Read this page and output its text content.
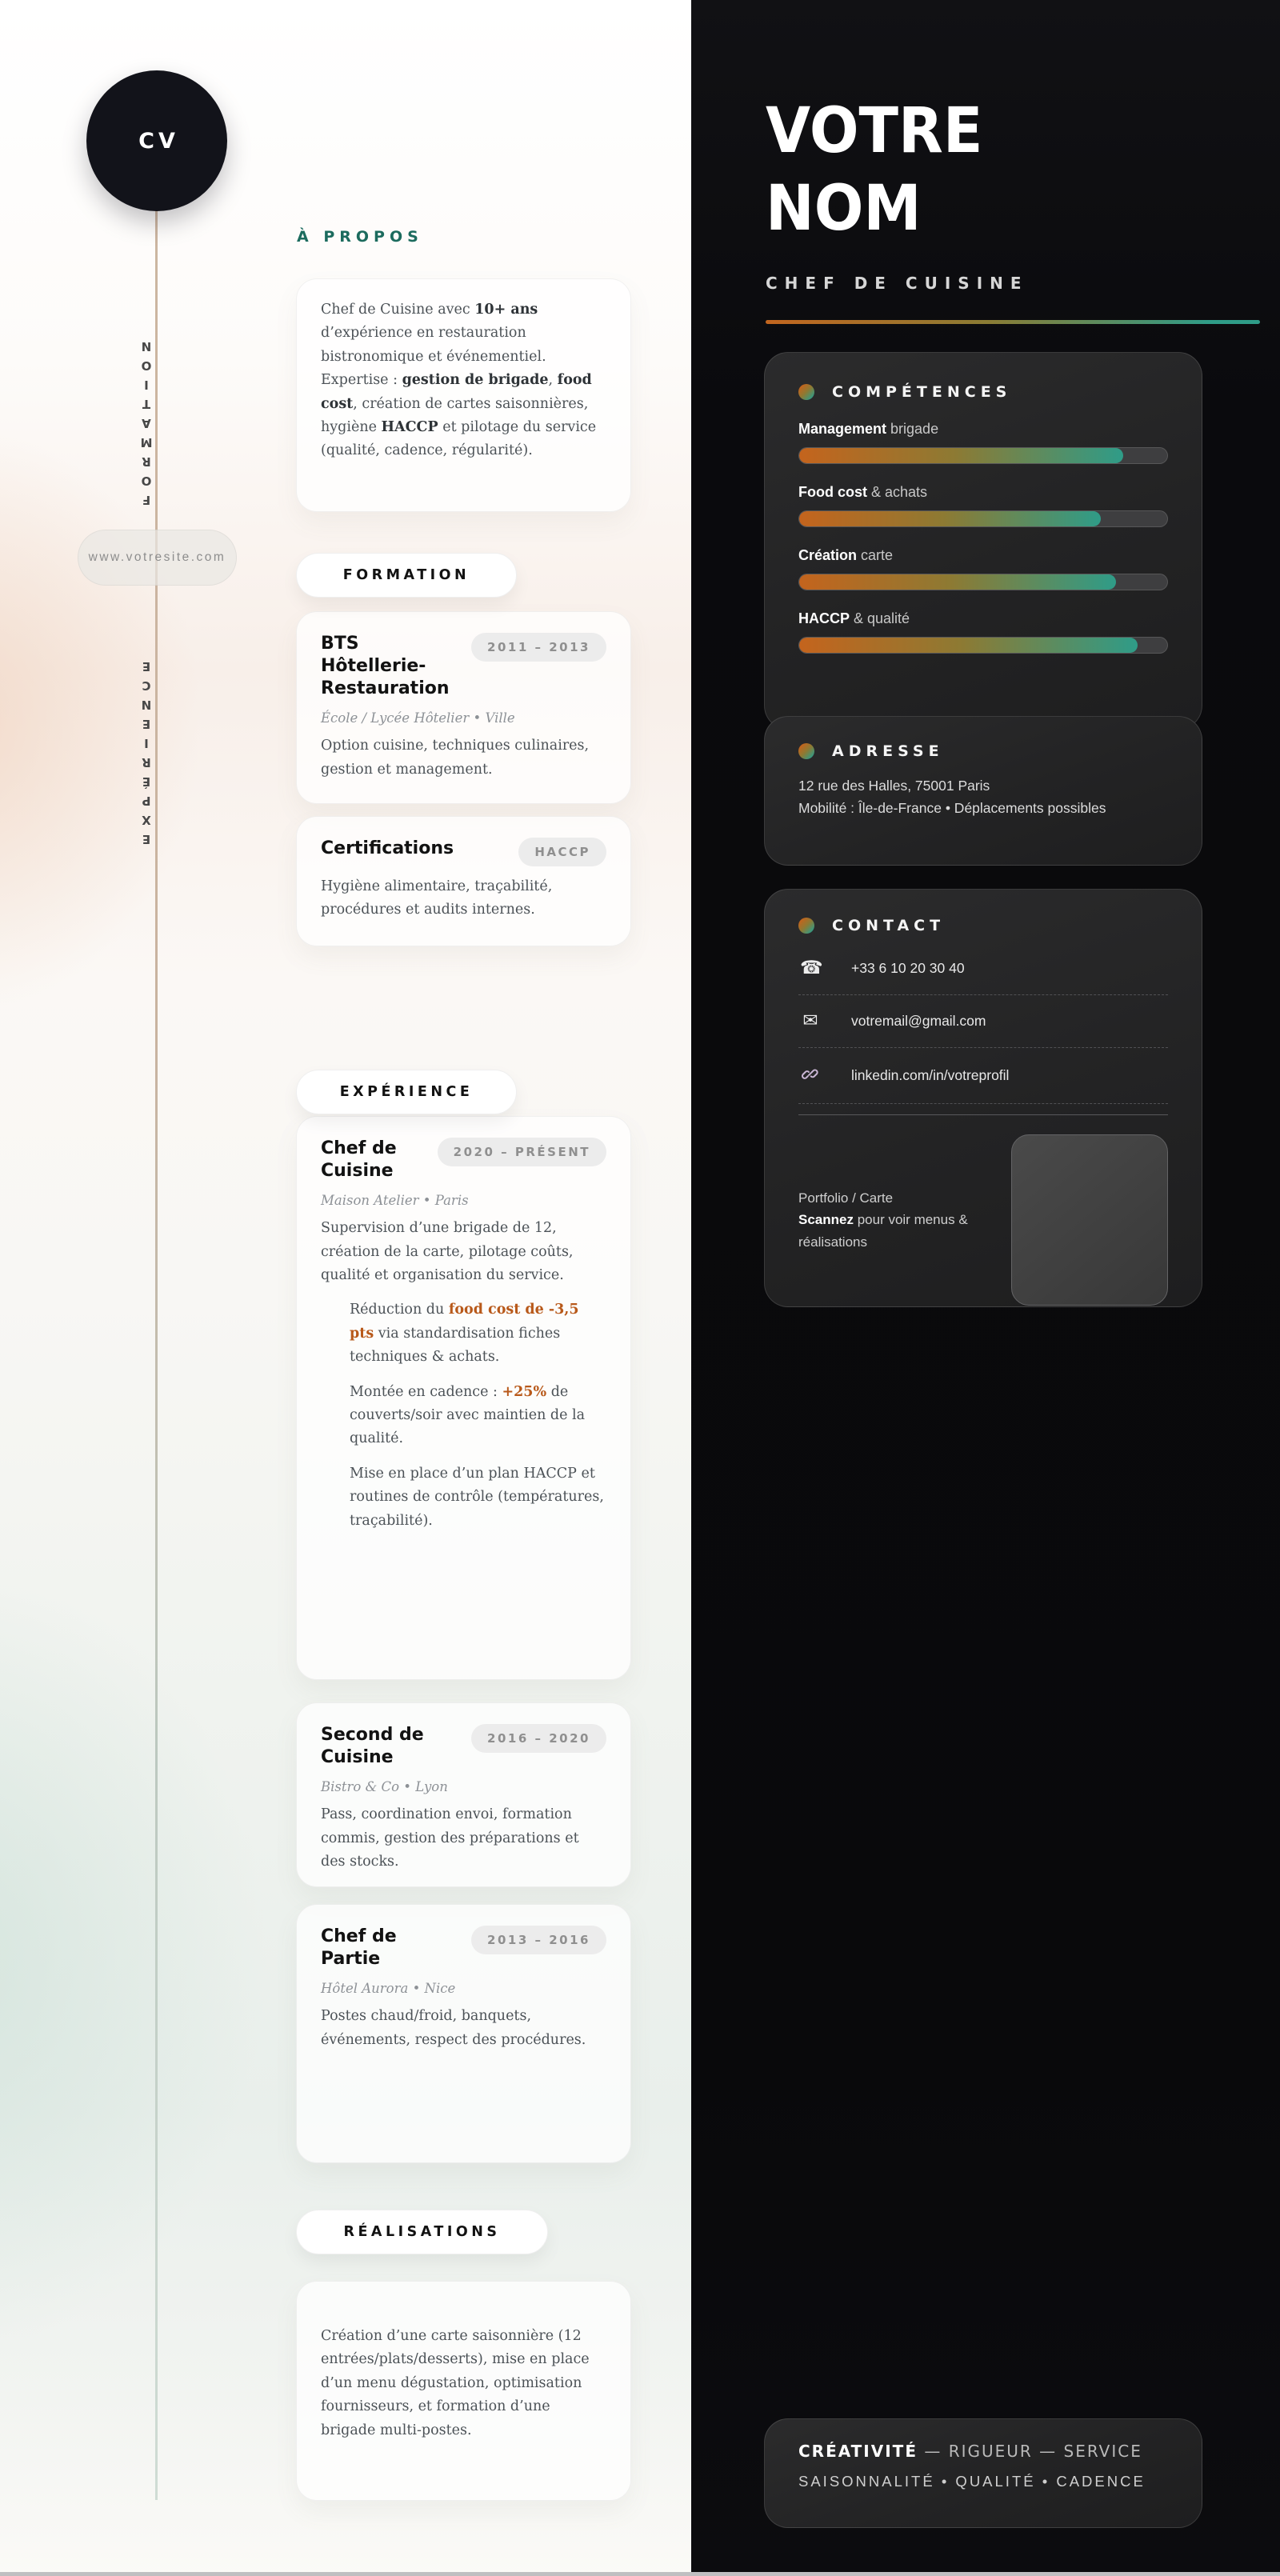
CV
FORMATION
www.votresite.com
EXPÉRIENCE
À PROPOS
Chef de Cuisine avec 10+ ans d’expérience en restauration bistronomique et événementiel. Expertise : gestion de brigade, food cost, création de cartes saisonnières, hygiène HACCP et pilotage du service (qualité, cadence, régularité).
FORMATION
BTS Hôtellerie-Restauration
2011 – 2013
École / Lycée Hôtelier • Ville
Option cuisine, techniques culinaires, gestion et management.
Certifications	HACCP
Hygiène alimentaire, traçabilité, procédures et audits internes.
EXPÉRIENCE
Chef de Cuisine
2020 – PRÉSENT
Maison Atelier • Paris
Supervision d’une brigade de 12, création de la carte, pilotage coûts, qualité et organisation du service.
Réduction du food cost de -3,5 pts via standardisation fiches techniques & achats.
Montée en cadence : +25% de couverts/soir avec maintien de la qualité.
Mise en place d’un plan HACCP et routines de contrôle (températures, traçabilité).
Second de Cuisine
2016 – 2020
Bistro & Co • Lyon
Pass, coordination envoi, formation commis, gestion des préparations et des stocks.
Chef de Partie
2013 – 2016
Hôtel Aurora • Nice
Postes chaud/froid, banquets, événements, respect des procédures.
RÉALISATIONS
Création d’une carte saisonnière (12 entrées/plats/desserts), mise en place d’un menu dégustation, optimisation fournisseurs, et formation d’une brigade multi-postes.
VOTRE
NOM
CHEF DE CUISINE
COMPÉTENCES
Management brigade
Food cost & achats
Création carte
HACCP & qualité
ADRESSE
12 rue des Halles, 75001 Paris
Mobilité : Île-de-France • Déplacements possibles
CONTACT
☎ +33 6 10 20 30 40
✉ votremail@gmail.com
linkedin.com/in/votreprofil
Portfolio / Carte
Scannez pour voir menus & réalisations
CRÉATIVITÉ — RIGUEUR — SERVICE
SAISONNALITÉ • QUALITÉ • CADENCE
